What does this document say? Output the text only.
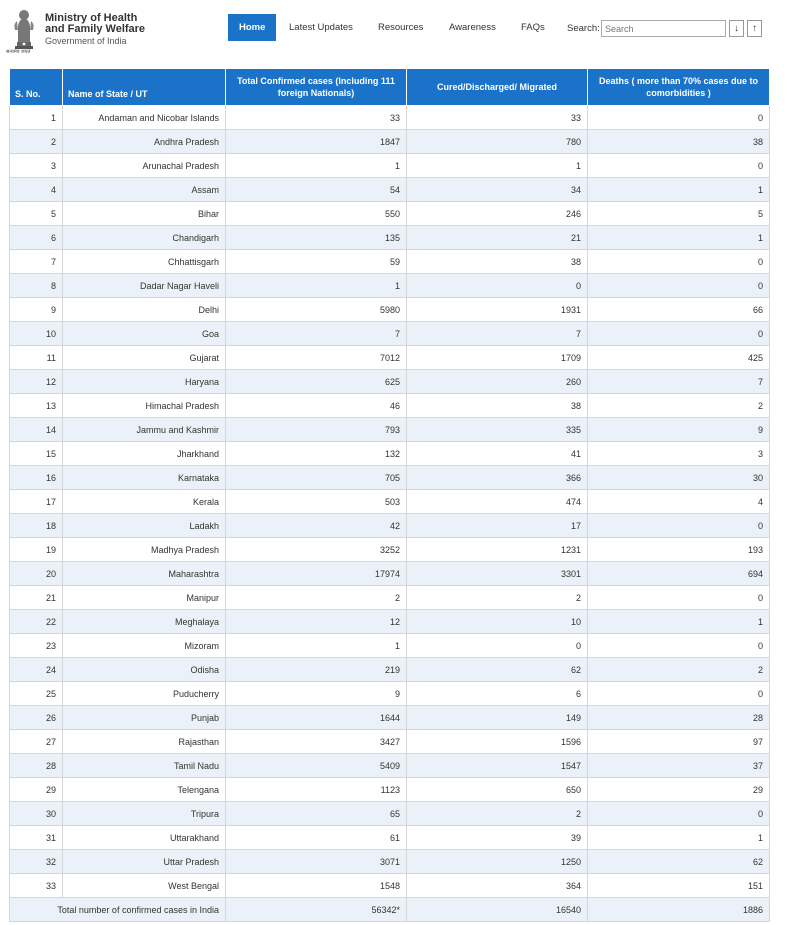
सत्यमेव जयते
Ministry of Health
and Family Welfare
Government of India
Home	Latest Updates	Resources	Awareness	FAQs Search:
Search	↓	↑
S. No.	Name of State / UT	Total Confirmed cases (Including 111 foreign Nationals)	Cured/Discharged/ Migrated	Deaths ( more than 70% cases due to comorbidities )
1	Andaman and Nicobar Islands	33	33	0
2	Andhra Pradesh	1847	780	38
3	Arunachal Pradesh	1	1	0
4	Assam	54	34	1
5	Bihar	550	246	5
6	Chandigarh	135	21	1
7	Chhattisgarh	59	38	0
8	Dadar Nagar Haveli	1	0	0
9	Delhi	5980	1931	66
10	Goa	7	7	0
11	Gujarat	7012	1709	425
12	Haryana	625	260	7
13	Himachal Pradesh	46	38	2
14	Jammu and Kashmir	793	335	9
15	Jharkhand	132	41	3
16	Karnataka	705	366	30
17	Kerala	503	474	4
18	Ladakh	42	17	0
19	Madhya Pradesh	3252	1231	193
20	Maharashtra	17974	3301	694
21	Manipur	2	2	0
22	Meghalaya	12	10	1
23	Mizoram	1	0	0
24	Odisha	219	62	2
25	Puducherry	9	6	0
26	Punjab	1644	149	28
27	Rajasthan	3427	1596	97
28	Tamil Nadu	5409	1547	37
29	Telengana	1123	650	29
30	Tripura	65	2	0
31	Uttarakhand	61	39	1
32	Uttar Pradesh	3071	1250	62
33	West Bengal	1548	364	151
Total number of confirmed cases in India		56342*	16540	1886
